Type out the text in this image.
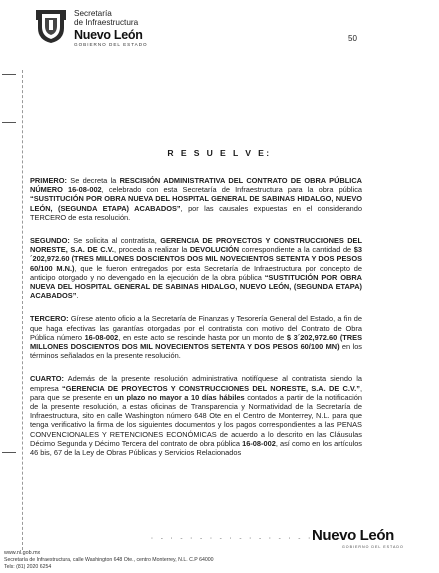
Secretaría
de Infraestructura
Nuevo León
GOBIERNO DEL ESTADO
50
R E S U E L V E:

PRIMERO: Se decreta la RESCISIÓN ADMINISTRATIVA DEL CONTRATO DE OBRA PÚBLICA NÚMERO 16-08-002, celebrado con esta Secretaría de Infraestructura para la obra pública “SUSTITUCIÓN POR OBRA NUEVA DEL HOSPITAL GENERAL DE SABINAS HIDALGO, NUEVO LEÓN, (SEGUNDA ETAPA) ACABADOS”, por las causales expuestas en el considerando TERCERO de esta resolución.

SEGUNDO: Se solicita al contratista, GERENCIA DE PROYECTOS Y CONSTRUCCIONES DEL NORESTE, S.A. DE C.V., proceda a realizar la DEVOLUCIÓN correspondiente a la cantidad de $3´202,972.60 (TRES MILLONES DOSCIENTOS DOS MIL NOVECIENTOS SETENTA Y DOS PESOS 60/100 M.N.), que le fueron entregados por esta Secretaría de Infraestructura por concepto de anticipo otorgado y no devengado en la ejecución de la obra pública “SUSTITUCIÓN POR OBRA NUEVA DEL HOSPITAL GENERAL DE SABINAS HIDALGO, NUEVO LEÓN, (SEGUNDA ETAPA) ACABADOS”.

TERCERO: Gírese atento oficio a la Secretaría de Finanzas y Tesorería General del Estado, a fin de que haga efectivas las garantías otorgadas por el contratista con motivo del Contrato de Obra Pública número 16-08-002, en este acto se rescinde hasta por un monto de $ 3´202,972.60 (TRES MILLONES DOSCIENTOS DOS MIL NOVECIENTOS SETENTA Y DOS PESOS 60/100 MN) en los términos señalados en la presente resolución.

CUARTO: Además de la presente resolución administrativa notifíquese al contratista siendo la empresa “GERENCIA DE PROYECTOS Y CONSTRUCCIONES DEL NORESTE, S.A. DE C.V.”, para que se presente en un plazo no mayor a 10 días hábiles contados a partir de la notificación de la presente resolución, a estas oficinas de Transparencia y Normatividad de la Secretaría de Infraestructura, sito en calle Washington número 648 Ote en el Centro de Monterrey, N.L. para que tenga verificativo la firma de los siguientes documentos y los pagos correspondientes a las PENAS CONVENCIONALES Y RETENCIONES ECONÓMICAS de acuerdo a lo descrito en las Cláusulas Décimo Segunda y Décimo Tercera del contrato de obra pública 16-08-002, así como en los artículos 46 bis, 67 de la Ley de Obras Públicas y Servicios Relacionados

· - · - · - · - · - · - · - · - · - · - ·
Nuevo León
GOBIERNO DEL ESTADO
www.nl.gob.mx
Secretaría de Infraestructura, calle Washington 648 Ote., centro Monterrey, N.L. C.P 64000
Tels: (81) 2020 6254
